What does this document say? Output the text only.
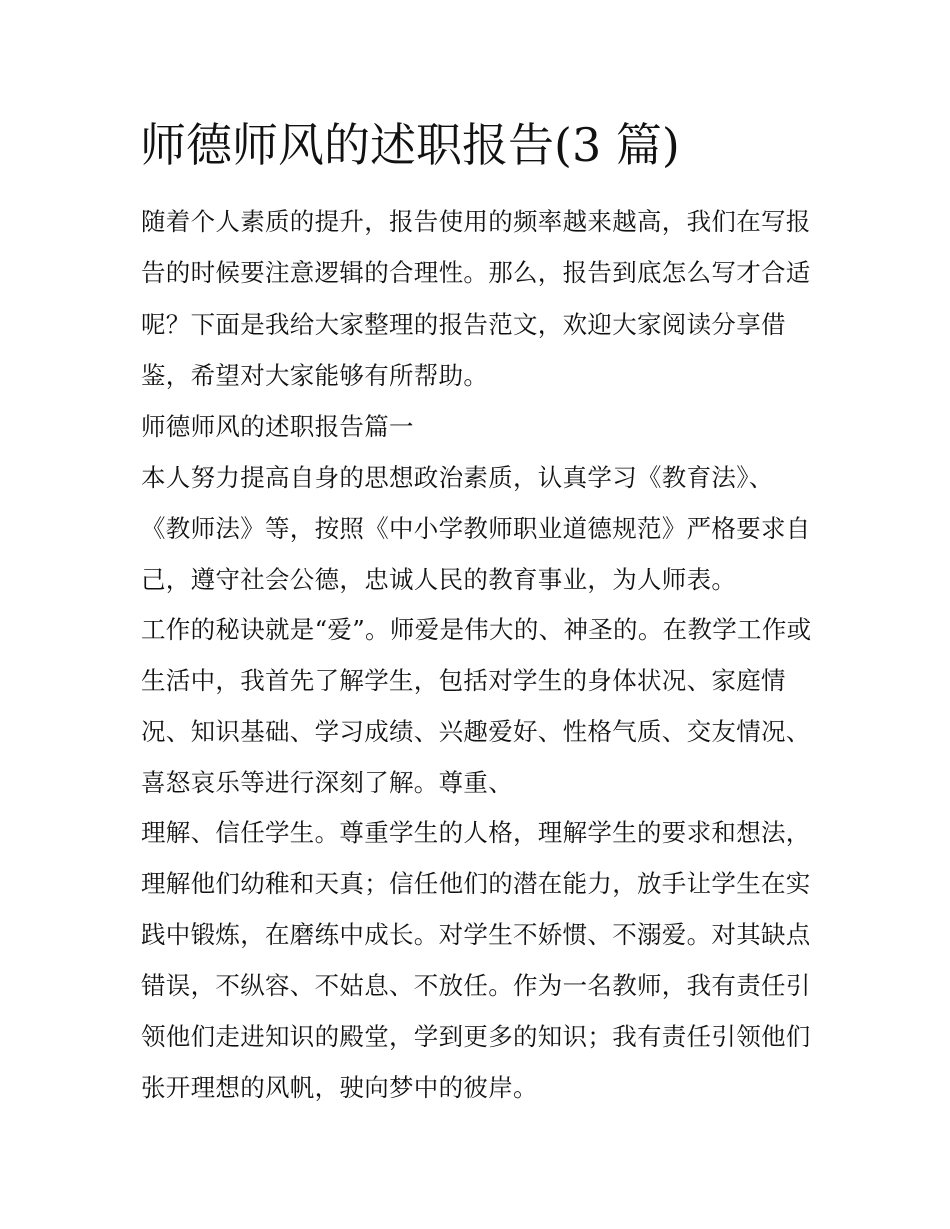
师德师风的述职报告(3 篇)
随着个人素质的提升，报告使用的频率越来越高，我们在写报
告的时候要注意逻辑的合理性。那么，报告到底怎么写才合适
呢？下面是我给大家整理的报告范文，欢迎大家阅读分享借
鉴，希望对大家能够有所帮助。
师德师风的述职报告篇一
本人努力提高自身的思想政治素质，认真学习《教育法》、
《教师法》等，按照《中小学教师职业道德规范》严格要求自
己，遵守社会公德，忠诚人民的教育事业，为人师表。
工作的秘诀就是“爱”。师爱是伟大的、神圣的。在教学工作或
生活中，我首先了解学生，包括对学生的身体状况、家庭情
况、知识基础、学习成绩、兴趣爱好、性格气质、交友情况、
喜怒哀乐等进行深刻了解。尊重、
理解、信任学生。尊重学生的人格，理解学生的要求和想法，
理解他们幼稚和天真；信任他们的潜在能力，放手让学生在实
践中锻炼，在磨练中成长。对学生不娇惯、不溺爱。对其缺点
错误，不纵容、不姑息、不放任。作为一名教师，我有责任引
领他们走进知识的殿堂，学到更多的知识；我有责任引领他们
张开理想的风帆，驶向梦中的彼岸。
